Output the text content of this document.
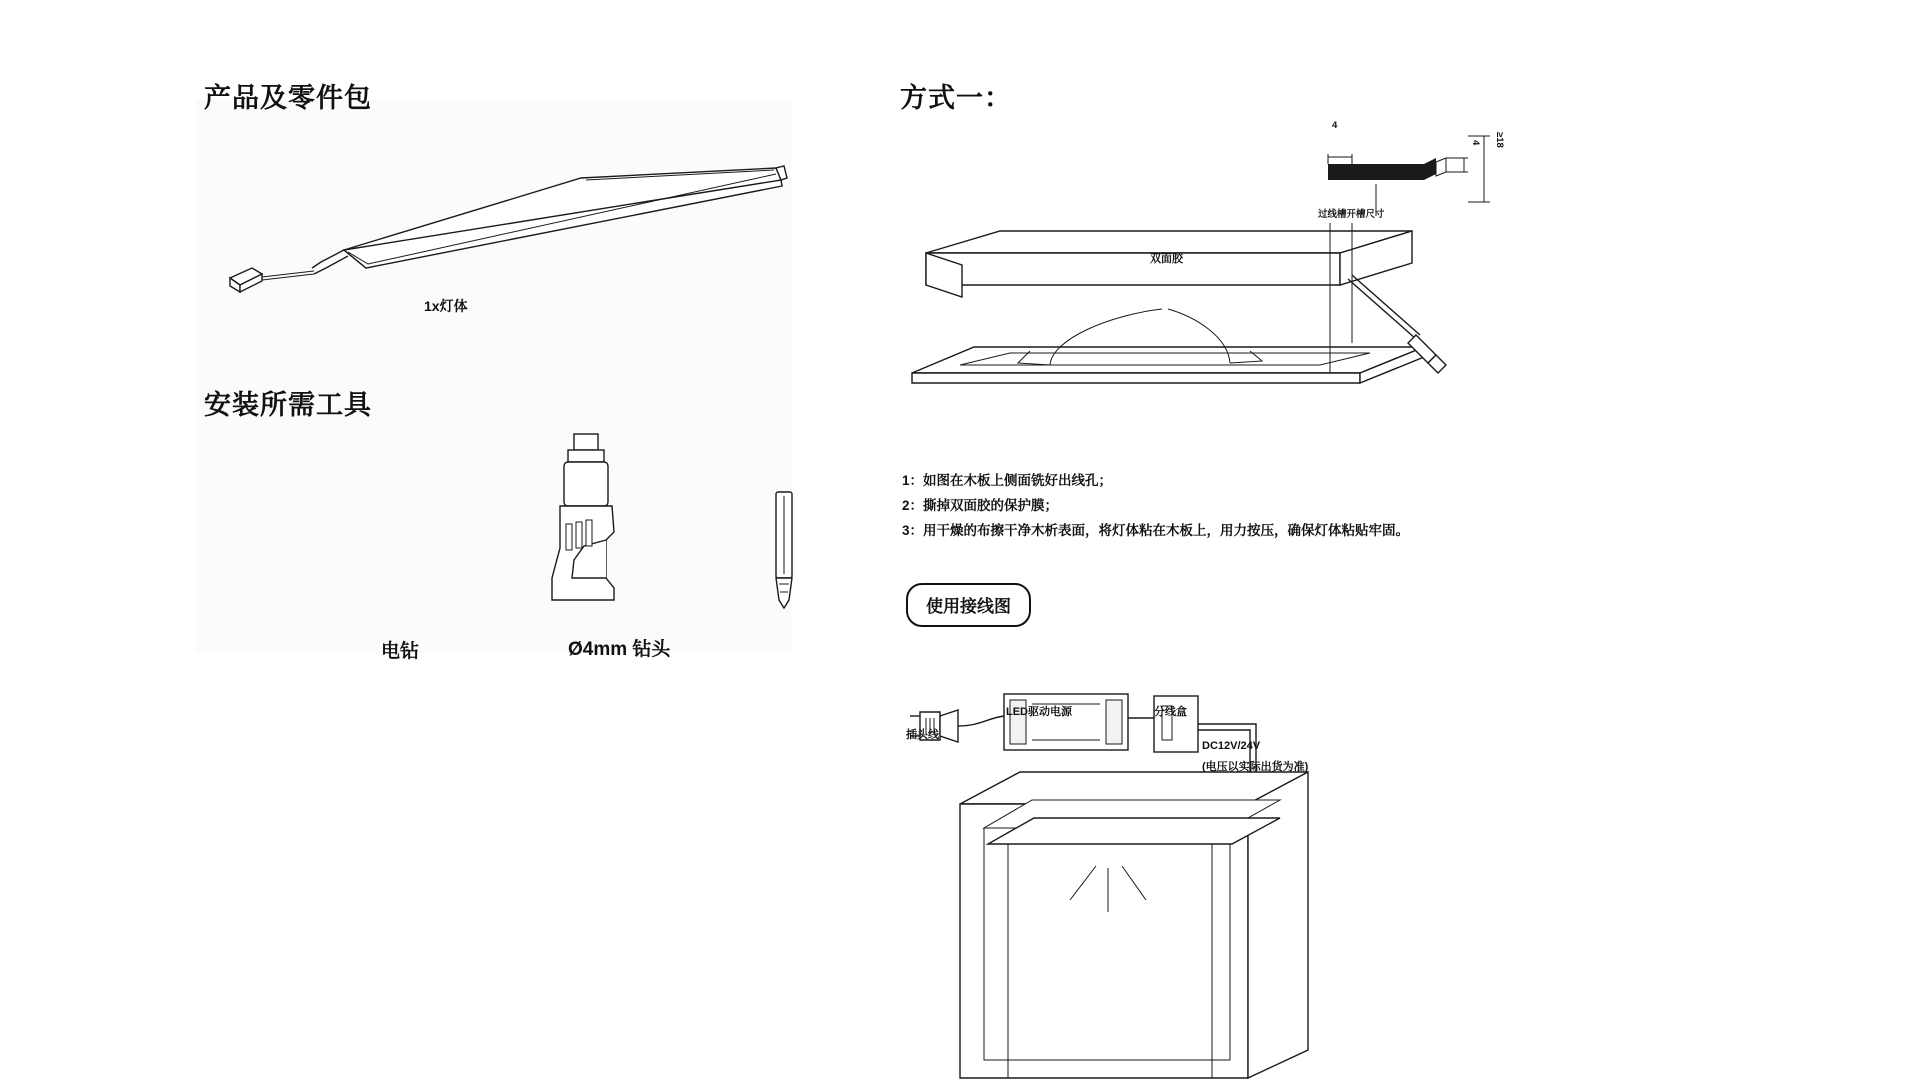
产品及零件包
1x灯体
安装所需工具
电钻	Ø4mm 钻头
方式一：
4
4 ≥18
过线槽开槽尺寸
双面胶
1：如图在木板上侧面铣好出线孔；
2：撕掉双面胶的保护膜；
3：用干燥的布擦干净木析表面，将灯体粘在木板上，用力按压，确保灯体粘贴牢固。
使用接线图
插头线
LED驱动电源	分线盒
DC12V/24V
(电压以实际出货为准)
